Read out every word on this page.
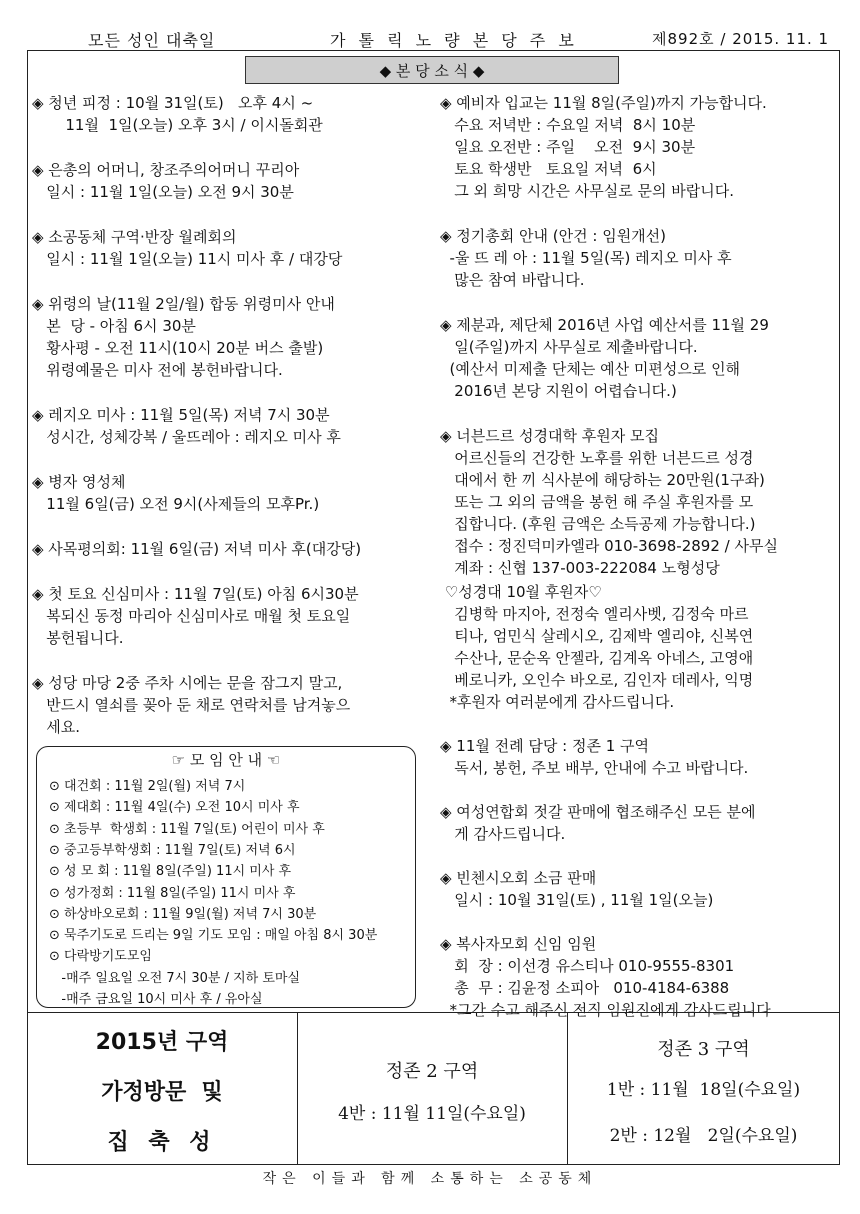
모든 성인 대축일	가 톨 릭 노 량 본 당 주 보	제892호 / 2015. 11. 1
◆ 본 당 소 식 ◆
◈ 청년 피정 : 10월 31일(토)   오후 4시 ~
11월  1일(오늘) 오후 3시 / 이시돌회관
◈ 은총의 어머니, 창조주의어머니 꾸리아
일시 : 11월 1일(오늘) 오전 9시 30분
◈ 소공동체 구역·반장 월례회의
일시 : 11월 1일(오늘) 11시 미사 후 / 대강당
◈ 위령의 날(11월 2일/월) 합동 위령미사 안내
본  당 - 아침 6시 30분
황사평 - 오전 11시(10시 20분 버스 출발)
위령예물은 미사 전에 봉헌바랍니다.
◈ 레지오 미사 : 11월 5일(목) 저녁 7시 30분
성시간, 성체강복 / 울뜨레아 : 레지오 미사 후
◈ 병자 영성체
11월 6일(금) 오전 9시(사제들의 모후Pr.)
◈ 사목평의회: 11월 6일(금) 저녁 미사 후(대강당)
◈ 첫 토요 신심미사 : 11월 7일(토) 아침 6시30분
복되신 동정 마리아 신심미사로 매월 첫 토요일
봉헌됩니다.
◈ 성당 마당 2중 주차 시에는 문을 잠그지 말고,
반드시 열쇠를 꽂아 둔 채로 연락처를 남겨놓으
세요.
☞ 모 임 안 내 ☜
⊙ 대건회 : 11월 2일(월) 저녁 7시
⊙ 제대회 : 11월 4일(수) 오전 10시 미사 후
⊙ 초등부  학생회 : 11월 7일(토) 어린이 미사 후
⊙ 중고등부학생회 : 11월 7일(토) 저녁 6시
⊙ 성 모 회 : 11월 8일(주일) 11시 미사 후
⊙ 성가정회 : 11월 8일(주일) 11시 미사 후
⊙ 하상바오로회 : 11월 9일(월) 저녁 7시 30분
⊙ 묵주기도로 드리는 9일 기도 모임 : 매일 아침 8시 30분
⊙ 다락방기도모임
-매주 일요일 오전 7시 30분 / 지하 토마실
-매주 금요일 10시 미사 후 / 유아실
◈ 예비자 입교는 11월 8일(주일)까지 가능합니다.
수요 저녁반 : 수요일 저녁  8시 10분
일요 오전반 : 주일    오전  9시 30분
토요 학생반   토요일 저녁  6시
그 외 희망 시간은 사무실로 문의 바랍니다.
◈ 정기총회 안내 (안건 : 임원개선)
-울 뜨 레 아 : 11월 5일(목) 레지오 미사 후
많은 참여 바랍니다.
◈ 제분과, 제단체 2016년 사업 예산서를 11월 29
일(주일)까지 사무실로 제출바랍니다.
(예산서 미제출 단체는 예산 미편성으로 인해
2016년 본당 지원이 어렵습니다.)
◈ 너븐드르 성경대학 후원자 모집
어르신들의 건강한 노후를 위한 너븐드르 성경
대에서 한 끼 식사분에 해당하는 20만원(1구좌)
또는 그 외의 금액을 봉헌 해 주실 후원자를 모
집합니다. (후원 금액은 소득공제 가능합니다.)
접수 : 정진덕미카엘라 010-3698-2892 / 사무실
계좌 : 신협 137-003-222084 노형성당
♡성경대 10월 후원자♡
김병학 마지아, 전정숙 엘리사벳, 김정숙 마르
티나, 엄민식 살레시오, 김제박 엘리야, 신복연
수산나, 문순옥 안젤라, 김계옥 아네스, 고영애
베로니카, 오인수 바오로, 김인자 데레사, 익명
*후원자 여러분에게 감사드립니다.
◈ 11월 전례 담당 : 정존 1 구역
독서, 봉헌, 주보 배부, 안내에 수고 바랍니다.
◈ 여성연합회 젓갈 판매에 협조해주신 모든 분에
게 감사드립니다.
◈ 빈첸시오회 소금 판매
일시 : 10월 31일(토) , 11월 1일(오늘)
◈ 복사자모회 신임 임원
회  장 : 이선경 유스티나 010-9555-8301
총  무 : 김윤정 소피아   010-4184-6388
*그간 수고 해주신 전직 임원진에게 감사드립니다
2015년 구역
가정방문  및
집 축 성
정존 2 구역
4반 : 11월 11일(수요일)
정존 3 구역
1반 : 11월  18일(수요일)
2반 : 12월   2일(수요일)
작은 이들과 함께 소통하는 소공동체
